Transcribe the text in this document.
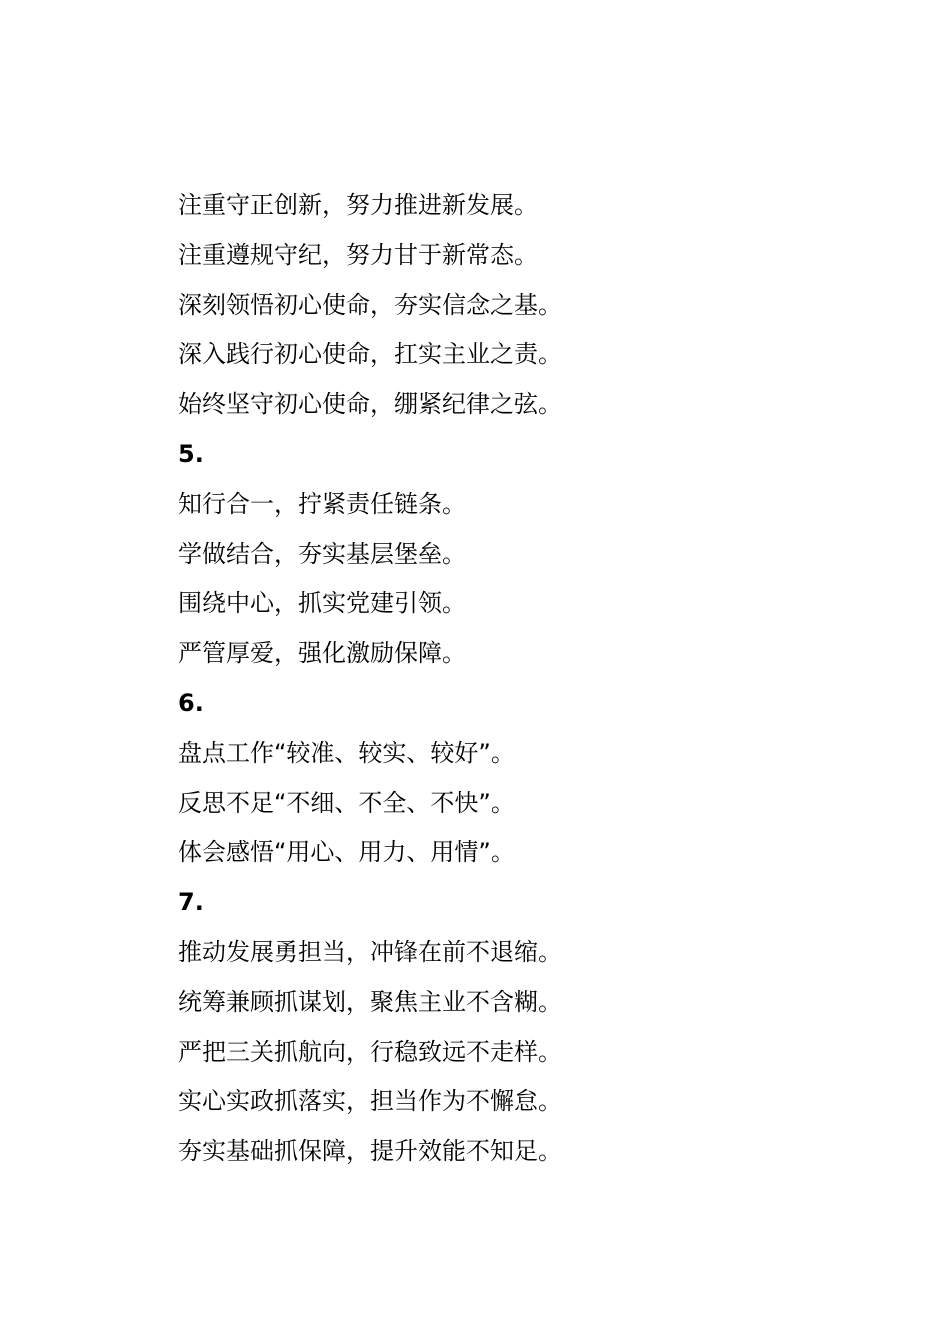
注重守正创新，努力推进新发展。
注重遵规守纪，努力甘于新常态。
深刻领悟初心使命，夯实信念之基。
深入践行初心使命，扛实主业之责。
始终坚守初心使命，绷紧纪律之弦。
5.
知行合一，拧紧责任链条。
学做结合，夯实基层堡垒。
围绕中心，抓实党建引领。
严管厚爱，强化激励保障。
6.
盘点工作“较准、较实、较好”。
反思不足“不细、不全、不快”。
体会感悟“用心、用力、用情”。
7.
推动发展勇担当，冲锋在前不退缩。
统筹兼顾抓谋划，聚焦主业不含糊。
严把三关抓航向，行稳致远不走样。
实心实政抓落实，担当作为不懈怠。
夯实基础抓保障，提升效能不知足。
